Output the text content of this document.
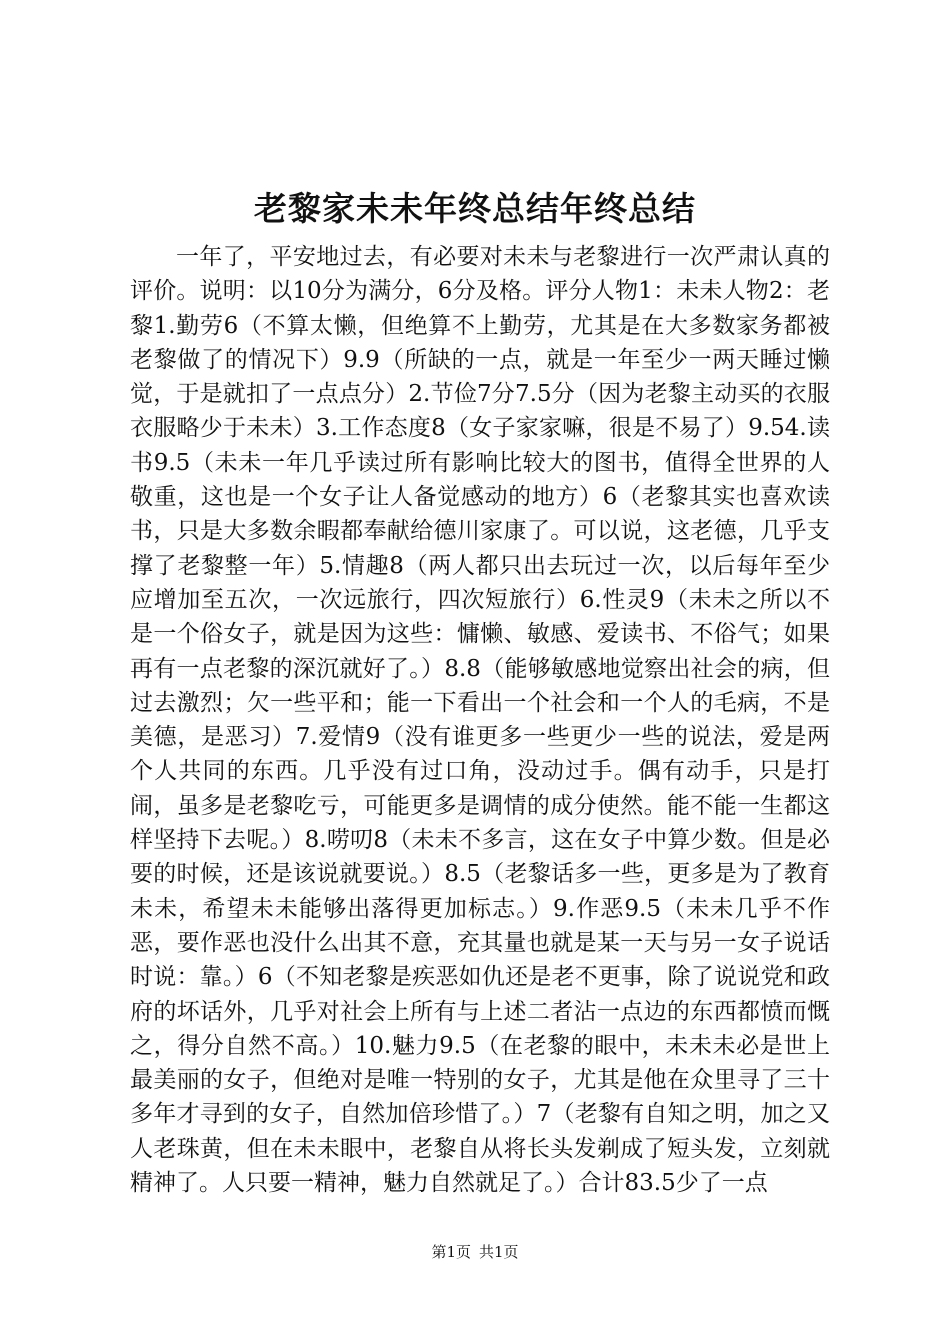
老黎家未未年终总结年终总结

一年了，平安地过去，有必要对未未与老黎进行一次严肃认真的评价。说明：以10分为满分，6分及格。评分人物1：未未人物2：老黎1.勤劳6（不算太懒，但绝算不上勤劳，尤其是在大多数家务都被老黎做了的情况下）9.9（所缺的一点，就是一年至少一两天睡过懒觉，于是就扣了一点点分）2.节俭7分7.5分（因为老黎主动买的衣服衣服略少于未未）3.工作态度8（女子家家嘛，很是不易了）9.54.读书9.5（未未一年几乎读过所有影响比较大的图书，值得全世界的人敬重，这也是一个女子让人备觉感动的地方）6（老黎其实也喜欢读书，只是大多数余暇都奉献给德川家康了。可以说，这老德，几乎支撑了老黎整一年）5.情趣8（两人都只出去玩过一次，以后每年至少应增加至五次，一次远旅行，四次短旅行）6.性灵9（未未之所以不是一个俗女子，就是因为这些：慵懒、敏感、爱读书、不俗气；如果再有一点老黎的深沉就好了。）8.8（能够敏感地觉察出社会的病，但过去激烈；欠一些平和；能一下看出一个社会和一个人的毛病，不是美德，是恶习）7.爱情9（没有谁更多一些更少一些的说法，爱是两个人共同的东西。几乎没有过口角，没动过手。偶有动手，只是打闹，虽多是老黎吃亏，可能更多是调情的成分使然。能不能一生都这样坚持下去呢。）8.唠叨8（未未不多言，这在女子中算少数。但是必要的时候，还是该说就要说。）8.5（老黎话多一些，更多是为了教育未未，希望未未能够出落得更加标志。）9.作恶9.5（未未几乎不作恶，要作恶也没什么出其不意，充其量也就是某一天与另一女子说话时说：靠。）6（不知老黎是疾恶如仇还是老不更事，除了说说党和政府的坏话外，几乎对社会上所有与上述二者沾一点边的东西都愤而慨之，得分自然不高。）10.魅力9.5（在老黎的眼中，未未未必是世上最美丽的女子，但绝对是唯一特别的女子，尤其是他在众里寻了三十多年才寻到的女子，自然加倍珍惜了。）7（老黎有自知之明，加之又人老珠黄，但在未未眼中，老黎自从将长头发剃成了短头发，立刻就精神了。人只要一精神，魅力自然就足了。）合计83.5少了一点

第1页 共1页
